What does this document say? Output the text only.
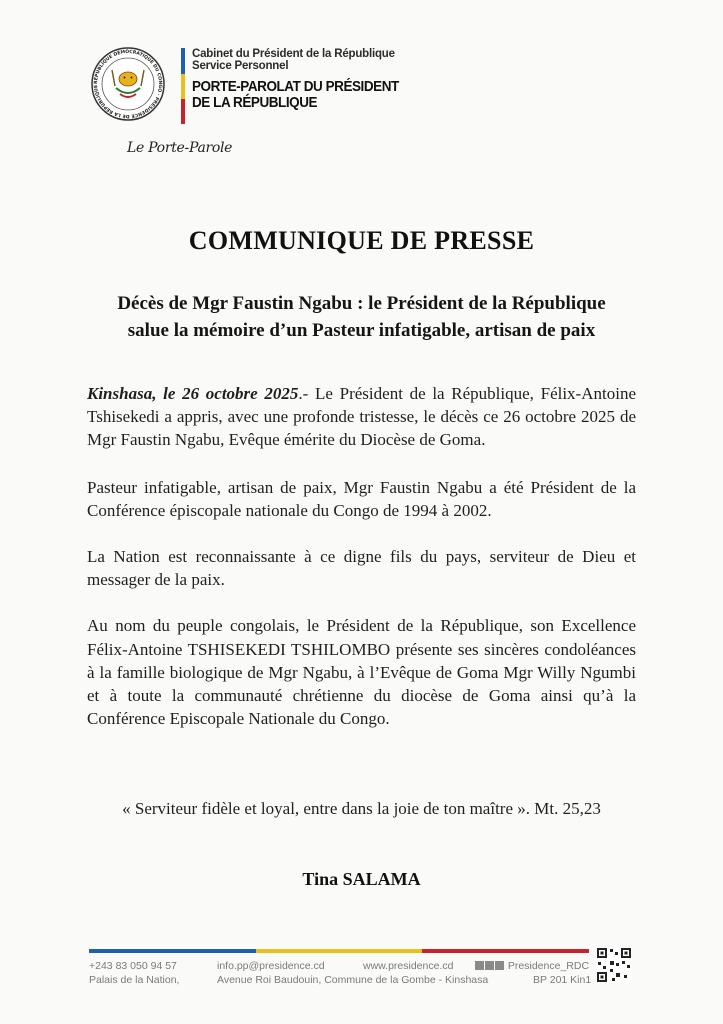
RÉPUBLIQUE DÉMOCRATIQUE DU CONGO · PRÉSIDENCE DE LA RÉPUBLIQUE
Cabinet du Président de la République
Service Personnel
PORTE-PAROLAT DU PRÉSIDENT
DE LA RÉPUBLIQUE
Le Porte-Parole
COMMUNIQUE DE PRESSE
Décès de Mgr Faustin Ngabu : le Président de la République
salue la mémoire d’un Pasteur infatigable, artisan de paix

Kinshasa, le 26 octobre 2025.- Le Président de la République, Félix-Antoine Tshisekedi a appris, avec une profonde tristesse, le décès ce 26 octobre 2025 de Mgr Faustin Ngabu, Evêque émérite du Diocèse de Goma.

Pasteur infatigable, artisan de paix, Mgr Faustin Ngabu a été Président de la Conférence épiscopale nationale du Congo de 1994 à 2002.

La Nation est reconnaissante à ce digne fils du pays, serviteur de Dieu et messager de la paix.

Au nom du peuple congolais, le Président de la République, son Excellence Félix-Antoine TSHISEKEDI TSHILOMBO présente ses sincères condoléances à la famille biologique de Mgr Ngabu, à l’Evêque de Goma Mgr Willy Ngumbi et à toute la communauté chrétienne du diocèse de Goma ainsi qu’à la Conférence Episcopale Nationale du Congo.

« Serviteur fidèle et loyal, entre dans la joie de ton maître ». Mt. 25,23
Tina SALAMA
+243 83 050 94 57
Palais de la Nation,
info.pp@presidence.cd
Avenue Roi Baudouin, Commune de la Gombe - Kinshasa
www.presidence.cd	Presidence_RDC
BP 201 Kin1
